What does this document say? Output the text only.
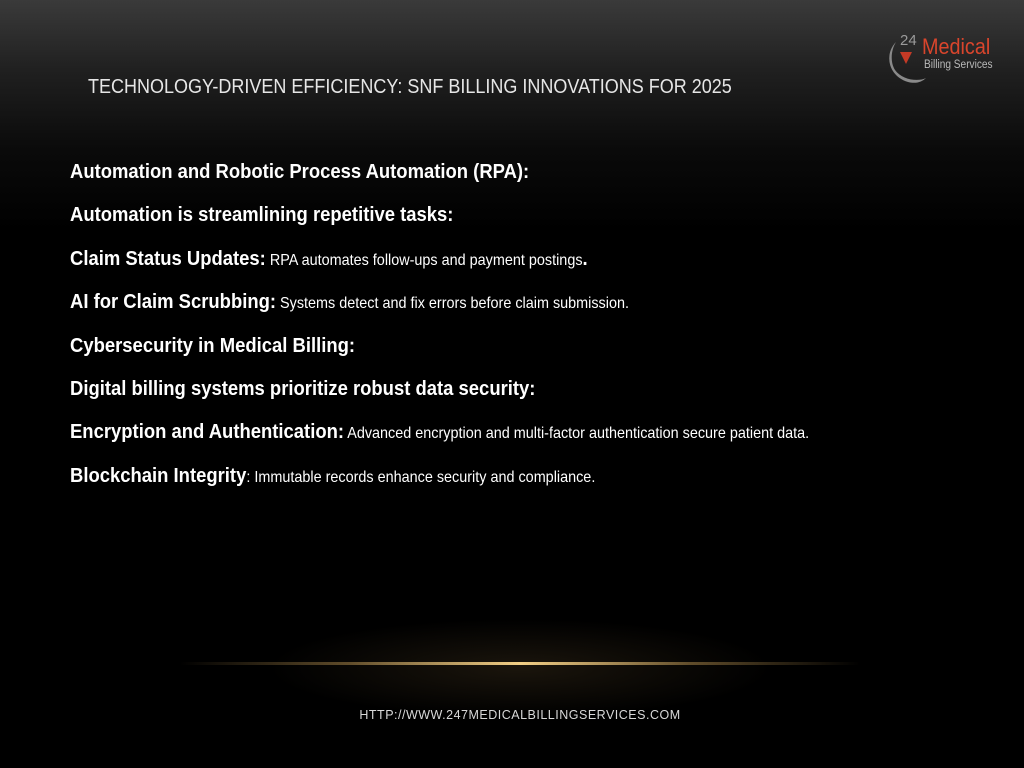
24 Medical
Billing Services
TECHNOLOGY-DRIVEN EFFICIENCY: SNF BILLING INNOVATIONS FOR 2025
Automation and Robotic Process Automation (RPA):
Automation is streamlining repetitive tasks:
Claim Status Updates: RPA automates follow-ups and payment postings.
AI for Claim Scrubbing: Systems detect and fix errors before claim submission.
Cybersecurity in Medical Billing:
Digital billing systems prioritize robust data security:
Encryption and Authentication: Advanced encryption and multi-factor authentication secure patient data.
Blockchain Integrity: Immutable records enhance security and compliance.
HTTP://WWW.247MEDICALBILLINGSERVICES.COM
